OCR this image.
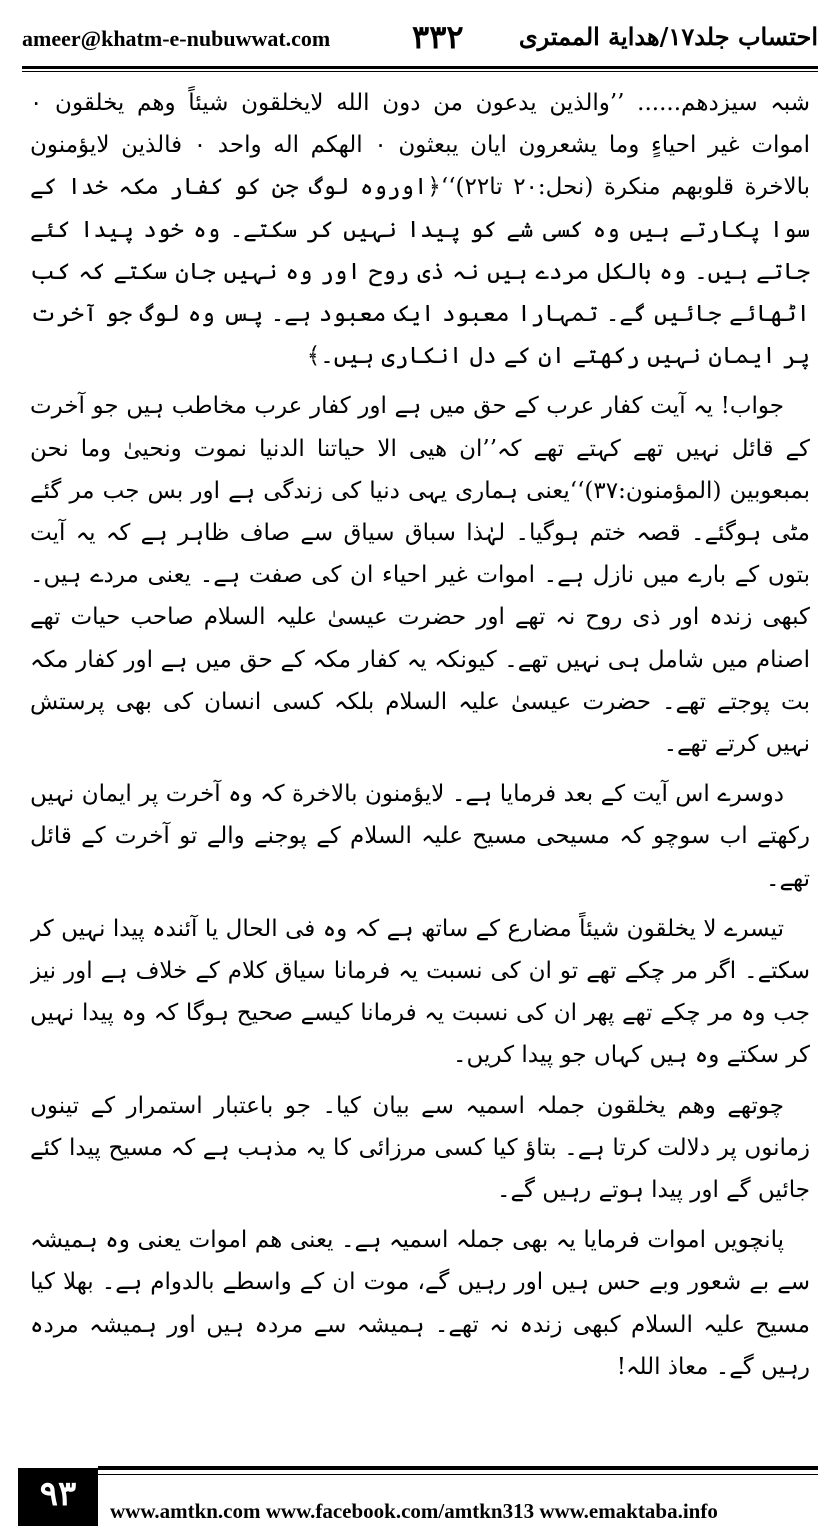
ameer@khatm-e-nubuwwat.com	۳۳۲ احتساب جلد۱۷/هدایة الممتری

شبہ سیزدھم...... ’’والذین یدعون من دون الله لایخلقون شیئاً وھم یخلقون ۰ اموات غیر احیاءٍ وما یشعرون ایان یبعثون ۰ الھکم اله واحد ۰ فالذین لایؤمنون بالاخرة قلوبھم منکرة (نحل:۲۰ تا۲۲)‘‘﴿اوروہ لوگ جن کو کفار مکہ خدا کے سوا پکارتے ہیں وہ کسی شے کو پیدا نہیں کر سکتے۔ وہ خود پیدا کئے جاتے ہیں۔ وہ بالکل مردے ہیں نہ ذی روح اور وہ نہیں جان سکتے کہ کب اٹھائے جائیں گے۔ تمہارا معبود ایک معبود ہے۔ پس وہ لوگ جو آخرت پر ایمان نہیں رکھتے ان کے دل انکاری ہیں۔﴾

جواب! یہ آیت کفار عرب کے حق میں ہے اور کفار عرب مخاطب ہیں جو آخرت کے قائل نہیں تھے کہتے تھے کہ’’ان ھیی الا حیاتنا الدنیا نموت ونحییٰ وما نحن بمبعوبین (المؤمنون:۳۷)‘‘یعنی ہماری یہی دنیا کی زندگی ہے اور بس جب مر گئے مٹی ہوگئے۔ قصہ ختم ہوگیا۔ لہٰذا سباق سیاق سے صاف ظاہر ہے کہ یہ آیت بتوں کے بارے میں نازل ہے۔ اموات غیر احیاء ان کی صفت ہے۔ یعنی مردے ہیں۔ کبھی زندہ اور ذی روح نہ تھے اور حضرت عیسیٰ علیہ السلام صاحب حیات تھے اصنام میں شامل ہی نہیں تھے۔ کیونکہ یہ کفار مکہ کے حق میں ہے اور کفار مکہ بت پوجتے تھے۔ حضرت عیسیٰ علیہ السلام بلکہ کسی انسان کی بھی پرستش نہیں کرتے تھے۔

دوسرے اس آیت کے بعد فرمایا ہے۔ لایؤمنون بالاخرة کہ وہ آخرت پر ایمان نہیں رکھتے اب سوچو کہ مسیحی مسیح علیہ السلام کے پوجنے والے تو آخرت کے قائل تھے۔

تیسرے لا یخلقون شیئاً مضارع کے ساتھ ہے کہ وہ فی الحال یا آئندہ پیدا نہیں کر سکتے۔ اگر مر چکے تھے تو ان کی نسبت یہ فرمانا سیاق کلام کے خلاف ہے اور نیز جب وہ مر چکے تھے پھر ان کی نسبت یہ فرمانا کیسے صحیح ہوگا کہ وہ پیدا نہیں کر سکتے وہ ہیں کہاں جو پیدا کریں۔

چوتھے وھم یخلقون جملہ اسمیہ سے بیان کیا۔ جو باعتبار استمرار کے تینوں زمانوں پر دلالت کرتا ہے۔ بتاؤ کیا کسی مرزائی کا یہ مذہب ہے کہ مسیح پیدا کئے جائیں گے اور پیدا ہوتے رہیں گے۔

پانچویں اموات فرمایا یہ بھی جملہ اسمیہ ہے۔ یعنی ھم اموات یعنی وہ ہمیشہ سے بے شعور وبے حس ہیں اور رہیں گے، موت ان کے واسطے بالدوام ہے۔ بھلا کیا مسیح علیہ السلام کبھی زندہ نہ تھے۔ ہمیشہ سے مردہ ہیں اور ہمیشہ مردہ رہیں گے۔ معاذ اللہ!

۹۳	www.amtkn.com www.facebook.com/amtkn313 www.emaktaba.info
